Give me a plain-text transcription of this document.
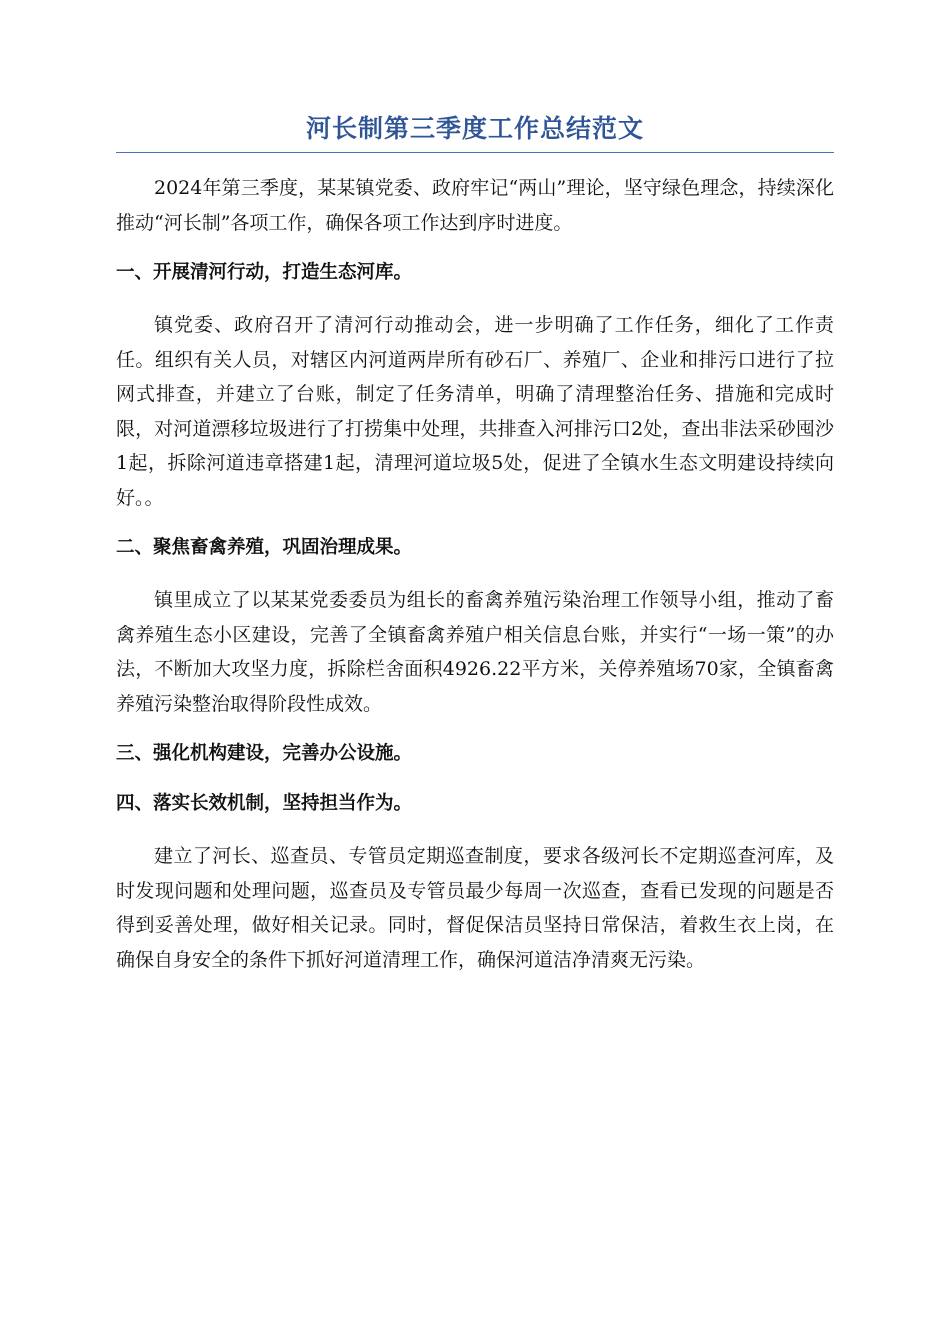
河长制第三季度工作总结范文

2024年第三季度，某某镇党委、政府牢记“两山”理论，坚守绿色理念，持续深化推动“河长制”各项工作，确保各项工作达到序时进度。

一、开展清河行动，打造生态河库。

镇党委、政府召开了清河行动推动会，进一步明确了工作任务，细化了工作责任。组织有关人员，对辖区内河道两岸所有砂石厂、养殖厂、企业和排污口进行了拉网式排查，并建立了台账，制定了任务清单，明确了清理整治任务、措施和完成时限，对河道漂移垃圾进行了打捞集中处理，共排查入河排污口2处，查出非法采砂囤沙1起，拆除河道违章搭建1起，清理河道垃圾5处，促进了全镇水生态文明建设持续向好。。

二、聚焦畜禽养殖，巩固治理成果。

镇里成立了以某某党委委员为组长的畜禽养殖污染治理工作领导小组，推动了畜禽养殖生态小区建设，完善了全镇畜禽养殖户相关信息台账，并实行“一场一策”的办法，不断加大攻坚力度，拆除栏舍面积4926.22平方米，关停养殖场70家，全镇畜禽养殖污染整治取得阶段性成效。

三、强化机构建设，完善办公设施。
四、落实长效机制，坚持担当作为。

建立了河长、巡查员、专管员定期巡查制度，要求各级河长不定期巡查河库，及时发现问题和处理问题，巡查员及专管员最少每周一次巡查，查看已发现的问题是否得到妥善处理，做好相关记录。同时，督促保洁员坚持日常保洁，着救生衣上岗，在确保自身安全的条件下抓好河道清理工作，确保河道洁净清爽无污染。
